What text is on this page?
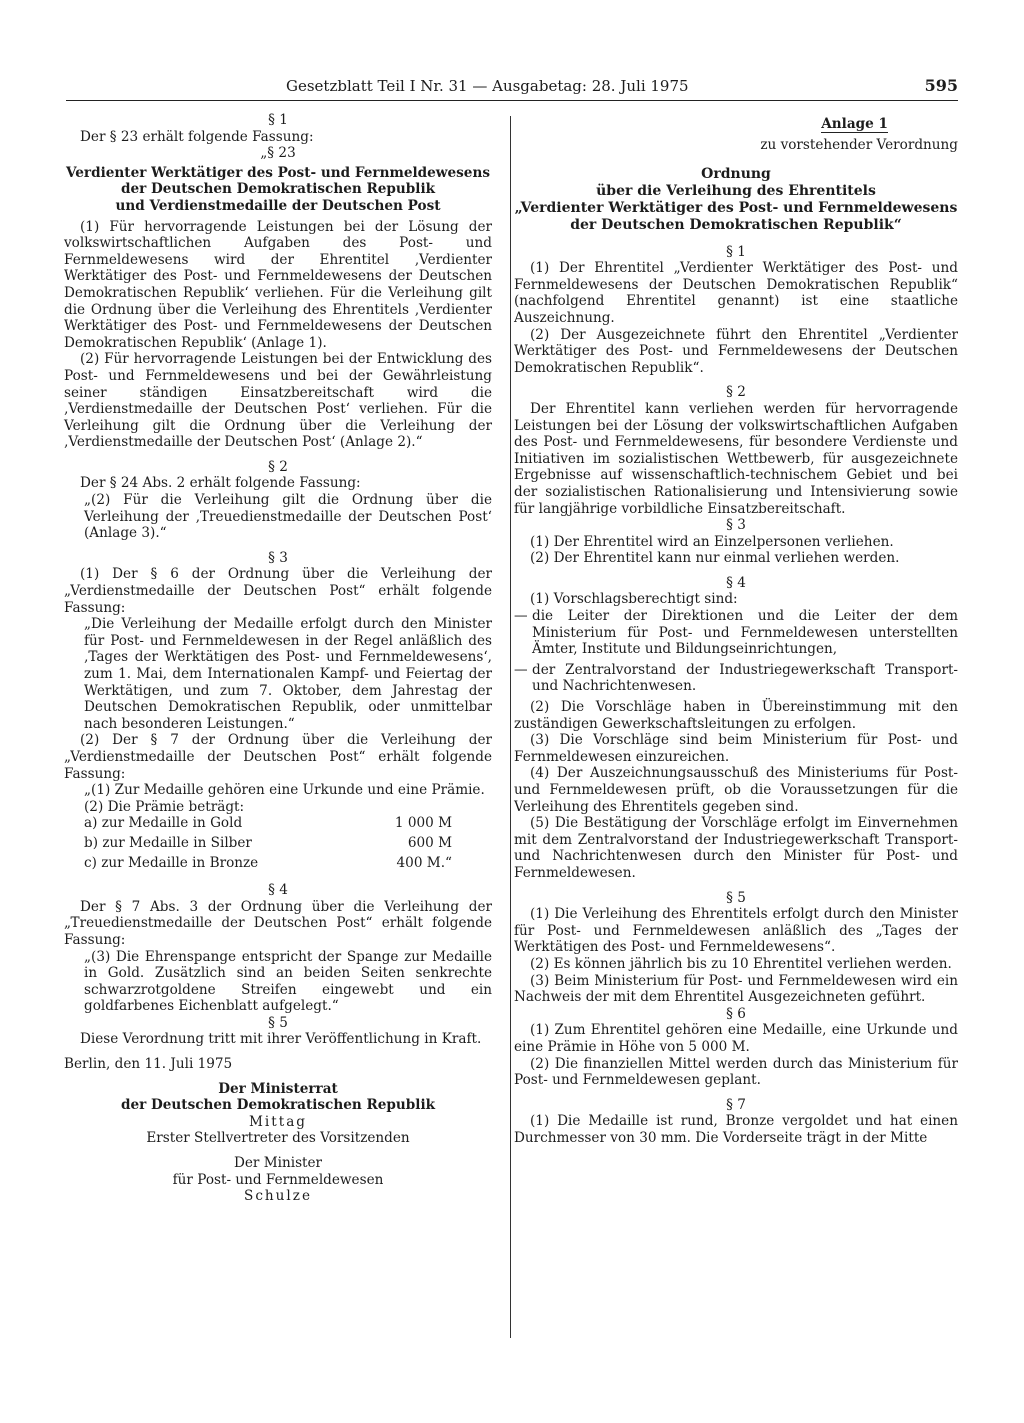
Gesetzblatt Teil I Nr. 31 — Ausgabetag: 28. Juli 1975	595

§ 1

Der § 23 erhält folgende Fassung:

„§ 23

Verdienter Werktätiger des Post- und Fernmeldewesens

der Deutschen Demokratischen Republik

und Verdienstmedaille der Deutschen Post

(1) Für hervorragende Leistungen bei der Lösung der volkswirtschaftlichen Aufgaben des Post- und Fernmeldewesens wird der Ehrentitel ‚Verdienter Werktätiger des Post- und Fernmeldewesens der Deutschen Demokratischen Republik‘ verliehen. Für die Verleihung gilt die Ordnung über die Verleihung des Ehrentitels ‚Verdienter Werktätiger des Post- und Fernmeldewesens der Deutschen Demokratischen Republik‘ (Anlage 1).

(2) Für hervorragende Leistungen bei der Entwicklung des Post- und Fernmeldewesens und bei der Gewährleistung seiner ständigen Einsatzbereitschaft wird die ‚Verdienstmedaille der Deutschen Post‘ verliehen. Für die Verleihung gilt die Ordnung über die Verleihung der ‚Verdienstmedaille der Deutschen Post‘ (Anlage 2).“

§ 2

Der § 24 Abs. 2 erhält folgende Fassung:

„(2) Für die Verleihung gilt die Ordnung über die Verleihung der ‚Treuedienstmedaille der Deutschen Post‘ (Anlage 3).“

§ 3

(1) Der § 6 der Ordnung über die Verleihung der „Verdienstmedaille der Deutschen Post“ erhält folgende Fassung:

„Die Verleihung der Medaille erfolgt durch den Minister für Post- und Fernmeldewesen in der Regel anläßlich des ‚Tages der Werktätigen des Post- und Fernmeldewesens‘, zum 1. Mai, dem Internationalen Kampf- und Feiertag der Werktätigen, und zum 7. Oktober, dem Jahrestag der Deutschen Demokratischen Republik, oder unmittelbar nach besonderen Leistungen.“

(2) Der § 7 der Ordnung über die Verleihung der „Verdienstmedaille der Deutschen Post“ erhält folgende Fassung:

„(1) Zur Medaille gehören eine Urkunde und eine Prämie.

(2) Die Prämie beträgt:

a) zur Medaille in Gold	1 000 M
b) zur Medaille in Silber	600 M
c) zur Medaille in Bronze	400 M.“

§ 4

Der § 7 Abs. 3 der Ordnung über die Verleihung der „Treuedienstmedaille der Deutschen Post“ erhält folgende Fassung:

„(3) Die Ehrenspange entspricht der Spange zur Medaille in Gold. Zusätzlich sind an beiden Seiten senkrechte schwarzrotgoldene Streifen eingewebt und ein goldfarbenes Eichenblatt aufgelegt.“

§ 5

Diese Verordnung tritt mit ihrer Veröffentlichung in Kraft.

Berlin, den 11. Juli 1975

Der Ministerrat

der Deutschen Demokratischen Republik

Mittag

Erster Stellvertreter des Vorsitzenden

Der Minister

für Post- und Fernmeldewesen

Schulze

Anlage 1

zu vorstehender Verordnung

Ordnung

über die Verleihung des Ehrentitels

„Verdienter Werktätiger des Post- und Fernmeldewesens

der Deutschen Demokratischen Republik“

§ 1

(1) Der Ehrentitel „Verdienter Werktätiger des Post- und Fernmeldewesens der Deutschen Demokratischen Republik“ (nachfolgend Ehrentitel genannt) ist eine staatliche Auszeichnung.

(2) Der Ausgezeichnete führt den Ehrentitel „Verdienter Werktätiger des Post- und Fernmeldewesens der Deutschen Demokratischen Republik“.

§ 2

Der Ehrentitel kann verliehen werden für hervorragende Leistungen bei der Lösung der volkswirtschaftlichen Aufgaben des Post- und Fernmeldewesens, für besondere Verdienste und Initiativen im sozialistischen Wettbewerb, für ausgezeichnete Ergebnisse auf wissenschaftlich-technischem Gebiet und bei der sozialistischen Rationalisierung und Intensivierung sowie für langjährige vorbildliche Einsatzbereitschaft.

§ 3

(1) Der Ehrentitel wird an Einzelpersonen verliehen.

(2) Der Ehrentitel kann nur einmal verliehen werden.

§ 4

(1) Vorschlagsberechtigt sind:

— die Leiter der Direktionen und die Leiter der dem Ministerium für Post- und Fernmeldewesen unterstellten Ämter, Institute und Bildungseinrichtungen,
— der Zentralvorstand der Industriegewerkschaft Transport- und Nachrichtenwesen.

(2) Die Vorschläge haben in Übereinstimmung mit den zuständigen Gewerkschaftsleitungen zu erfolgen.

(3) Die Vorschläge sind beim Ministerium für Post- und Fernmeldewesen einzureichen.

(4) Der Auszeichnungsausschuß des Ministeriums für Post- und Fernmeldewesen prüft, ob die Voraussetzungen für die Verleihung des Ehrentitels gegeben sind.

(5) Die Bestätigung der Vorschläge erfolgt im Einvernehmen mit dem Zentralvorstand der Industriegewerkschaft Transport- und Nachrichtenwesen durch den Minister für Post- und Fernmeldewesen.

§ 5

(1) Die Verleihung des Ehrentitels erfolgt durch den Minister für Post- und Fernmeldewesen anläßlich des „Tages der Werktätigen des Post- und Fernmeldewesens“.

(2) Es können jährlich bis zu 10 Ehrentitel verliehen werden.

(3) Beim Ministerium für Post- und Fernmeldewesen wird ein Nachweis der mit dem Ehrentitel Ausgezeichneten geführt.

§ 6

(1) Zum Ehrentitel gehören eine Medaille, eine Urkunde und eine Prämie in Höhe von 5 000 M.

(2) Die finanziellen Mittel werden durch das Ministerium für Post- und Fernmeldewesen geplant.

§ 7

(1) Die Medaille ist rund, Bronze vergoldet und hat einen Durchmesser von 30 mm. Die Vorderseite trägt in der Mitte
